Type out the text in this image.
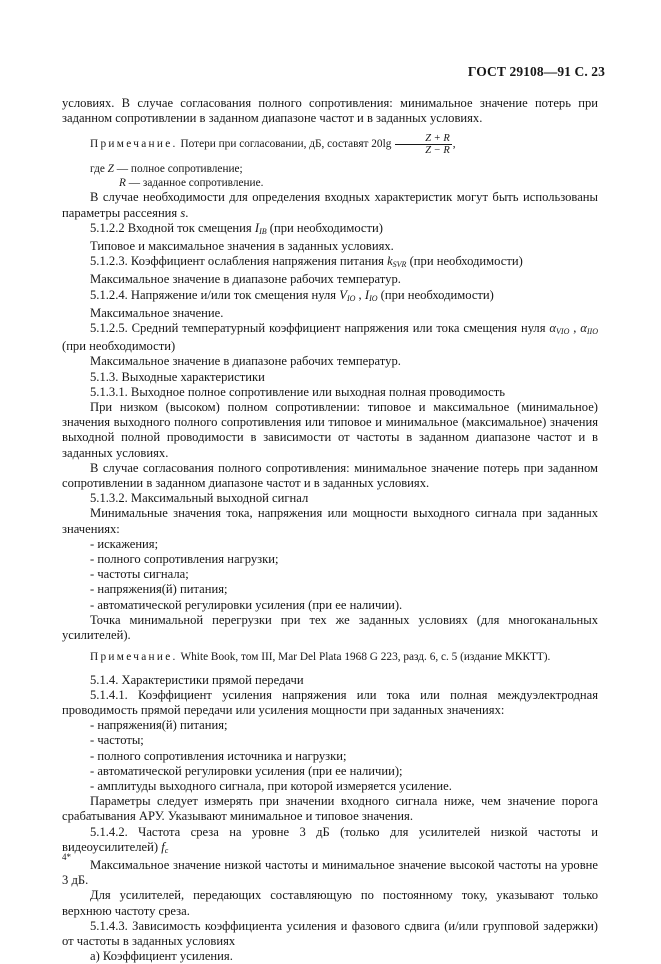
ГОСТ 29108—91 С. 23

условиях. В случае согласования полного сопротивления: минимальное значение потерь при заданном сопротивлении в заданном диапазоне частот и в заданных условиях.

Примечание. Потери при согласовании, дБ, составят $20\lg \frac{Z + R}{Z - R}$ ,

где Z — полное сопротивление;
R — заданное сопротивление.

В случае необходимости для определения входных характеристик могут быть использованы параметры рассеяния s.

5.1.2.2 Входной ток смещения $I_{IB}$ (при необходимости)

Типовое и максимальное значения в заданных условиях.

5.1.2.3. Коэффициент ослабления напряжения питания $k_{SVR}$ (при необходимости)

Максимальное значение в диапазоне рабочих температур.

5.1.2.4. Напряжение и/или ток смещения нуля $V_{IO}$ , $I_{IO}$ (при необходимости)

Максимальное значение.

5.1.2.5. Средний температурный коэффициент напряжения или тока смещения нуля $\alpha_{VIO}$ , $\alpha_{IIO}$ (при необходимости)

Максимальное значение в диапазоне рабочих температур.

5.1.3. Выходные характеристики

5.1.3.1. Выходное полное сопротивление или выходная полная проводимость

При низком (высоком) полном сопротивлении: типовое и максимальное (минимальное) значения выходного полного сопротивления или типовое и минимальное (максимальное) значения выходной полной проводимости в зависимости от частоты в заданном диапазоне частот и в заданных условиях.

В случае согласования полного сопротивления: минимальное значение потерь при заданном сопротивлении в заданном диапазоне частот и в заданных условиях.

5.1.3.2. Максимальный выходной сигнал

Минимальные значения тока, напряжения или мощности выходного сигнала при заданных значениях:

- искажения;

- полного сопротивления нагрузки;

- частоты сигнала;

- напряжения(й) питания;

- автоматической регулировки усиления (при ее наличии).

Точка минимальной перегрузки при тех же заданных условиях (для многоканальных усилителей).

Примечание. White Book, том III, Mar Del Plata 1968 G 223, разд. 6, с. 5 (издание МККТТ).

5.1.4. Характеристики прямой передачи

5.1.4.1. Коэффициент усиления напряжения или тока или полная междуэлектродная проводимость прямой передачи или усиления мощности при заданных значениях:

- напряжения(й) питания;

- частоты;

- полного сопротивления источника и нагрузки;

- автоматической регулировки усиления (при ее наличии);

- амплитуды выходного сигнала, при которой измеряется усиление.

Параметры следует измерять при значении входного сигнала ниже, чем значение порога срабатывания АРУ. Указывают минимальное и типовое значения.

5.1.4.2. Частота среза на уровне 3 дБ (только для усилителей низкой частоты и видеоусилителей) $f_c$

Максимальное значение низкой частоты и минимальное значение высокой частоты на уровне 3 дБ.

Для усилителей, передающих составляющую по постоянному току, указывают только верхнюю частоту среза.

5.1.4.3. Зависимость коэффициента усиления и фазового сдвига (и/или групповой задержки) от частоты в заданных условиях

а) Коэффициент усиления.

4*
